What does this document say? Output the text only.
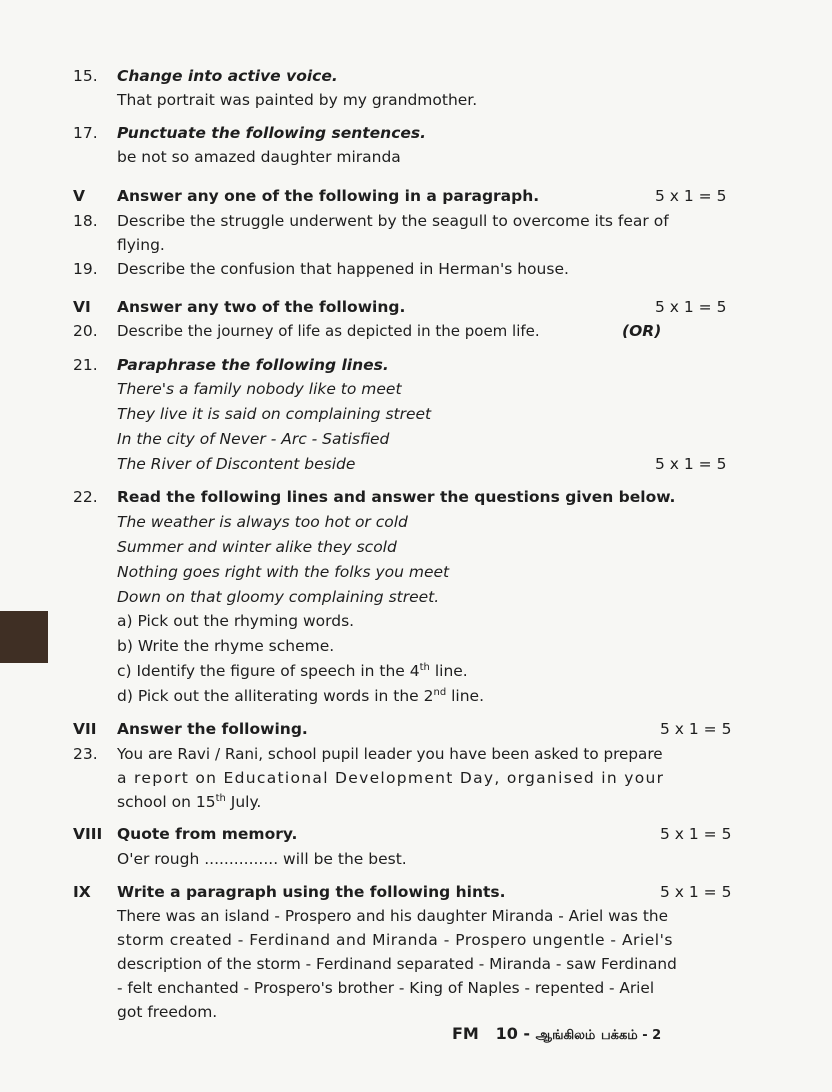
15. Change into active voice.
That portrait was painted by my grandmother.
17. Punctuate the following sentences.
be not so amazed daughter miranda
V Answer any one of the following in a paragraph.	5 x 1 = 5
18. Describe the struggle underwent by the seagull to overcome its fear of
flying.
19. Describe the confusion that happened in Herman's house.
VI Answer any two of the following.	5 x 1 = 5
20. Describe the journey of life as depicted in the poem life.	(OR)
21. Paraphrase the following lines.
There's a family nobody like to meet
They live it is said on complaining street
In the city of Never - Arc - Satisfied
The River of Discontent beside	5 x 1 = 5
22. Read the following lines and answer the questions given below.
The weather is always too hot or cold
Summer and winter alike they scold
Nothing goes right with the folks you meet
Down on that gloomy complaining street.
a) Pick out the rhyming words.
b) Write the rhyme scheme.
c) Identify the figure of speech in the 4th line.
d) Pick out the alliterating words in the 2nd line.
VII Answer the following.	5 x 1 = 5
23. You are Ravi / Rani, school pupil leader you have been asked to prepare
a report on Educational Development Day, organised in your
school on 15th July.
VIII Quote from memory.	5 x 1 = 5
O'er rough ............... will be the best.
IX Write a paragraph using the following hints.	5 x 1 = 5
There was an island - Prospero and his daughter Miranda - Ariel was the
storm created - Ferdinand and Miranda - Prospero ungentle - Ariel's
description of the storm - Ferdinand separated - Miranda - saw Ferdinand
- felt enchanted - Prospero's brother - King of Naples - repented - Ariel
got freedom.
FM 10 - ஆங்கிலம் பக்கம் - 2
